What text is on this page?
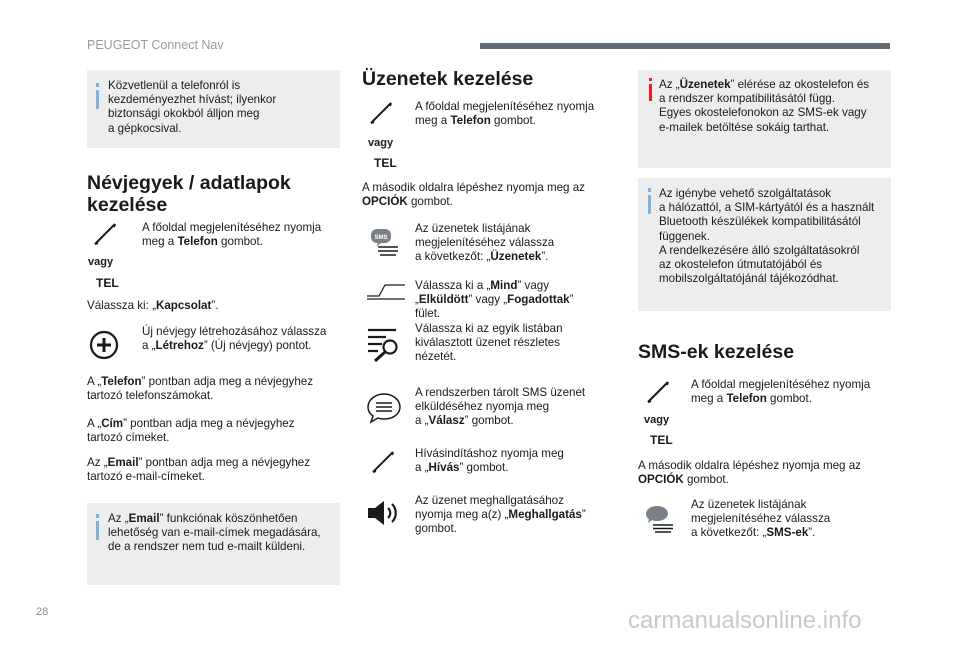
PEUGEOT Connect Nav
Közvetlenül a telefonról is
kezdeményezhet hívást; ilyenkor
biztonsági okokból álljon meg
a gépkocsival.
Névjegyek / adatlapok
kezelése
vagy
TEL
A főoldal megjelenítéséhez nyomja
meg a Telefon gombot.
Válassza ki: „Kapcsolat”.
Új névjegy létrehozásához válassza
a „Létrehoz” (Új névjegy) pontot.
A „Telefon” pontban adja meg a névjegyhez
tartozó telefonszámokat.
A „Cím” pontban adja meg a névjegyhez
tartozó címeket.
Az „Email” pontban adja meg a névjegyhez
tartozó e-mail-címeket.
Az „Email” funkciónak köszönhetően
lehetőség van e-mail-címek megadására,
de a rendszer nem tud e-mailt küldeni.
Üzenetek kezelése
vagy
TEL
A főoldal megjelenítéséhez nyomja
meg a Telefon gombot.
A második oldalra lépéshez nyomja meg az
OPCIÓK gombot.
SMS
Az üzenetek listájának
megjelenítéséhez válassza
a következőt: „Üzenetek”.
Válassza ki a „Mind” vagy
„Elküldött” vagy „Fogadottak”
fület.
Válassza ki az egyik listában
kiválasztott üzenet részletes
nézetét.
A rendszerben tárolt SMS üzenet
elküldéséhez nyomja meg
a „Válasz” gombot.
Hívásindításhoz nyomja meg
a „Hívás” gombot.
Az üzenet meghallgatásához
nyomja meg a(z) „Meghallgatás”
gombot.
Az „Üzenetek” elérése az okostelefon és
a rendszer kompatibilitásától függ.
Egyes okostelefonokon az SMS-ek vagy
e-mailek betöltése sokáig tarthat.
Az igénybe vehető szolgáltatások
a hálózattól, a SIM-kártyától és a használt
Bluetooth készülékek kompatibilitásától
függenek.
A rendelkezésére álló szolgáltatásokról
az okostelefon útmutatójából és
mobilszolgáltatójánál tájékozódhat.
SMS-ek kezelése
vagy
TEL
A főoldal megjelenítéséhez nyomja
meg a Telefon gombot.
A második oldalra lépéshez nyomja meg az
OPCIÓK gombot.
Az üzenetek listájának
megjelenítéséhez válassza
a következőt: „SMS-ek”.
28	carmanualsonline.info
